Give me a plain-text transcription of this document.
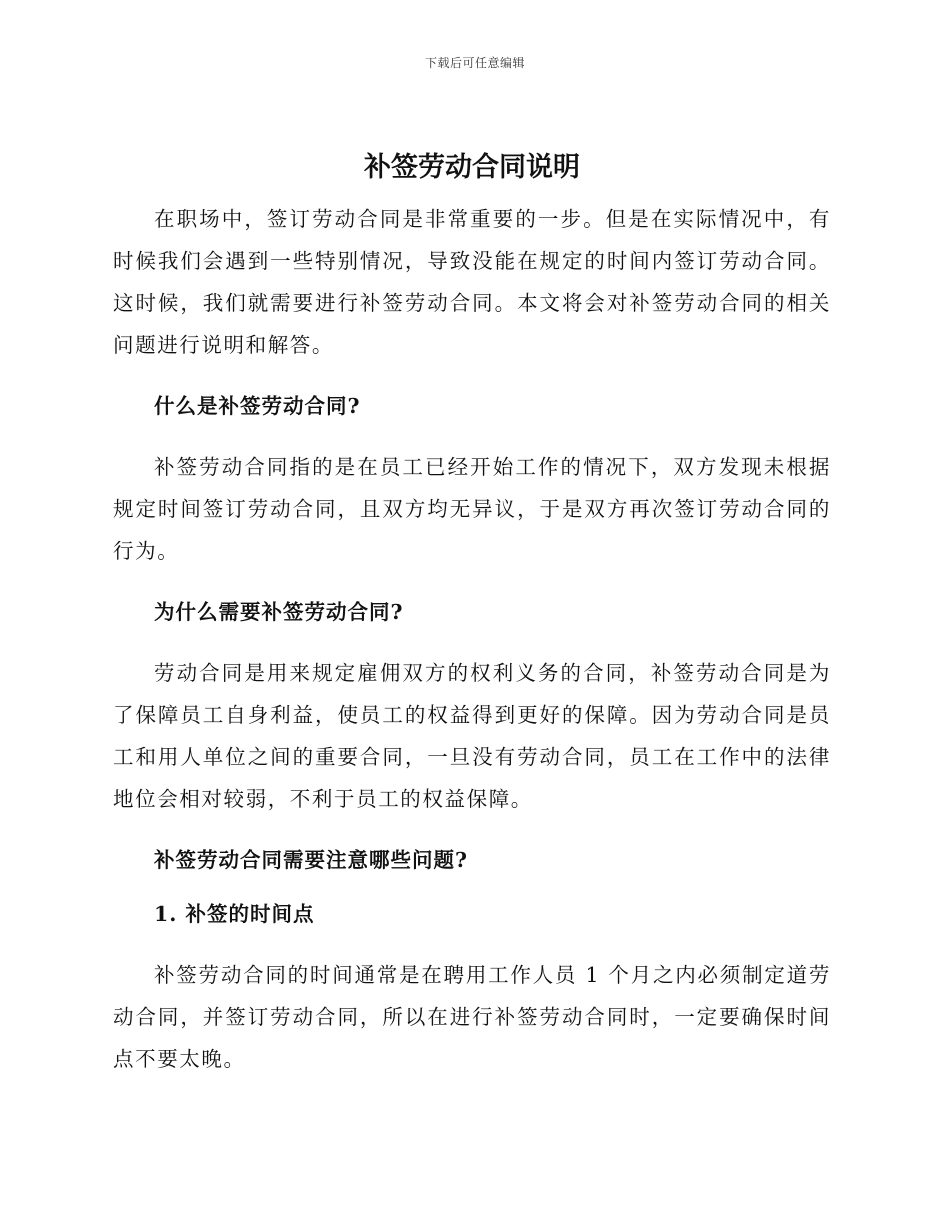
下载后可任意编辑
补签劳动合同说明

在职场中，签订劳动合同是非常重要的一步。但是在实际情况中，有时候我们会遇到一些特别情况，导致没能在规定的时间内签订劳动合同。这时候，我们就需要进行补签劳动合同。本文将会对补签劳动合同的相关问题进行说明和解答。

什么是补签劳动合同?

补签劳动合同指的是在员工已经开始工作的情况下，双方发现未根据规定时间签订劳动合同，且双方均无异议，于是双方再次签订劳动合同的行为。

为什么需要补签劳动合同?

劳动合同是用来规定雇佣双方的权利义务的合同，补签劳动合同是为了保障员工自身利益，使员工的权益得到更好的保障。因为劳动合同是员工和用人单位之间的重要合同，一旦没有劳动合同，员工在工作中的法律地位会相对较弱，不利于员工的权益保障。

补签劳动合同需要注意哪些问题?

1. 补签的时间点

补签劳动合同的时间通常是在聘用工作人员 1 个月之内必须制定道劳动合同，并签订劳动合同，所以在进行补签劳动合同时，一定要确保时间点不要太晚。
